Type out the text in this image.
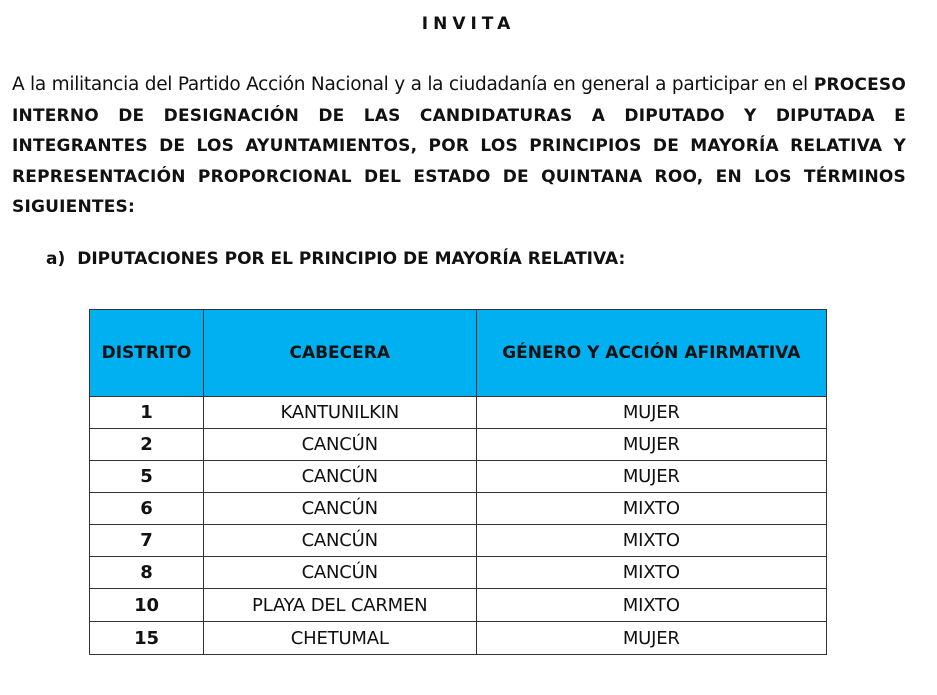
INVITA

A la militancia del Partido Acción Nacional y a la ciudadanía en general a participar en el PROCESO INTERNO DE DESIGNACIÓN DE LAS CANDIDATURAS A DIPUTADO Y DIPUTADA E INTEGRANTES DE LOS AYUNTAMIENTOS, POR LOS PRINCIPIOS DE MAYORÍA RELATIVA Y REPRESENTACIÓN PROPORCIONAL DEL ESTADO DE QUINTANA ROO, EN LOS TÉRMINOS SIGUIENTES:

a) DIPUTACIONES POR EL PRINCIPIO DE MAYORÍA RELATIVA:
DISTRITO	CABECERA	GÉNERO Y ACCIÓN AFIRMATIVA
1	KANTUNILKIN	MUJER
2	CANCÚN	MUJER
5	CANCÚN	MUJER
6	CANCÚN	MIXTO
7	CANCÚN	MIXTO
8	CANCÚN	MIXTO
10	PLAYA DEL CARMEN	MIXTO
15	CHETUMAL	MUJER
